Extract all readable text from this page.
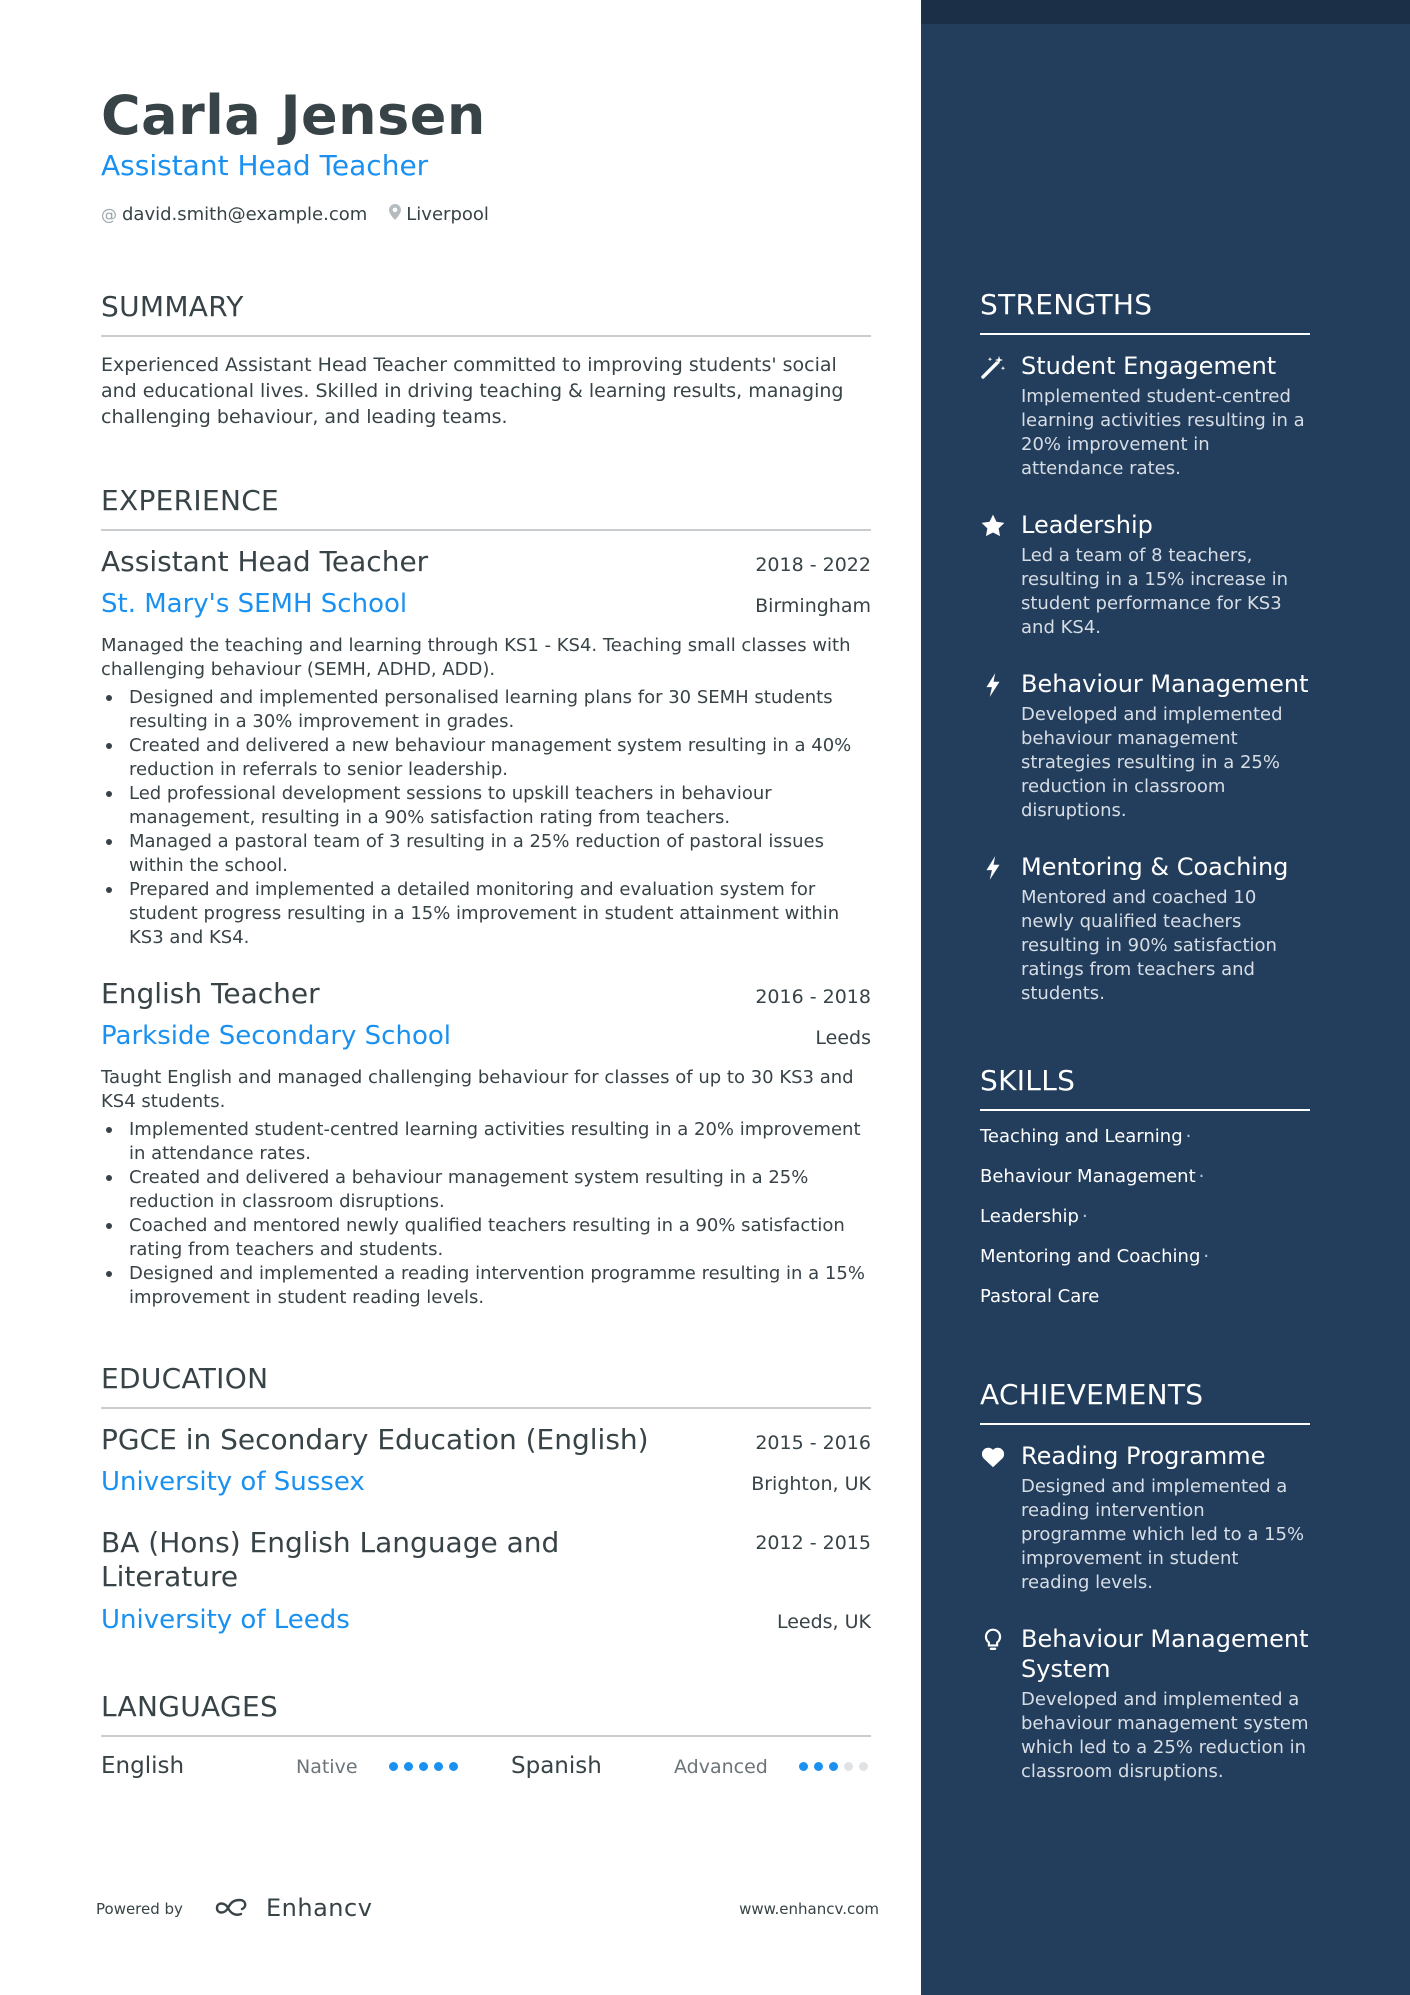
Carla Jensen
Assistant Head Teacher
@ david.smith@example.com Liverpool
SUMMARY
Experienced Assistant Head Teacher committed to improving students' social and educational lives. Skilled in driving teaching & learning results, managing challenging behaviour, and leading teams.
EXPERIENCE
Assistant Head Teacher	2018 - 2022
St. Mary's SEMH School	Birmingham
Managed the teaching and learning through KS1 - KS4. Teaching small classes with challenging behaviour (SEMH, ADHD, ADD).
Designed and implemented personalised learning plans for 30 SEMH students resulting in a 30% improvement in grades.
Created and delivered a new behaviour management system resulting in a 40% reduction in referrals to senior leadership.
Led professional development sessions to upskill teachers in behaviour management, resulting in a 90% satisfaction rating from teachers.
Managed a pastoral team of 3 resulting in a 25% reduction of pastoral issues within the school.
Prepared and implemented a detailed monitoring and evaluation system for student progress resulting in a 15% improvement in student attainment within KS3 and KS4.
English Teacher	2016 - 2018
Parkside Secondary School	Leeds
Taught English and managed challenging behaviour for classes of up to 30 KS3 and KS4 students.
Implemented student-centred learning activities resulting in a 20% improvement in attendance rates.
Created and delivered a behaviour management system resulting in a 25% reduction in classroom disruptions.
Coached and mentored newly qualified teachers resulting in a 90% satisfaction rating from teachers and students.
Designed and implemented a reading intervention programme resulting in a 15% improvement in student reading levels.
EDUCATION
PGCE in Secondary Education (English)	2015 - 2016
University of Sussex	Brighton, UK
BA (Hons) English Language and
Literature
2012 - 2015
University of Leeds	Leeds, UK
LANGUAGES
English	Native	Spanish	Advanced
Powered by	Enhancv	www.enhancv.com
STRENGTHS
Student Engagement
Implemented student-centred learning activities resulting in a 20% improvement in attendance rates.
Leadership
Led a team of 8 teachers, resulting in a 15% increase in student performance for KS3 and KS4.
Behaviour Management
Developed and implemented behaviour management strategies resulting in a 25% reduction in classroom disruptions.
Mentoring & Coaching
Mentored and coached 10 newly qualified teachers resulting in 90% satisfaction ratings from teachers and students.
SKILLS
Teaching and Learning ·
Behaviour Management ·
Leadership ·
Mentoring and Coaching ·
Pastoral Care
ACHIEVEMENTS
Reading Programme
Designed and implemented a reading intervention programme which led to a 15% improvement in student reading levels.
Behaviour Management System
Developed and implemented a behaviour management system which led to a 25% reduction in classroom disruptions.
